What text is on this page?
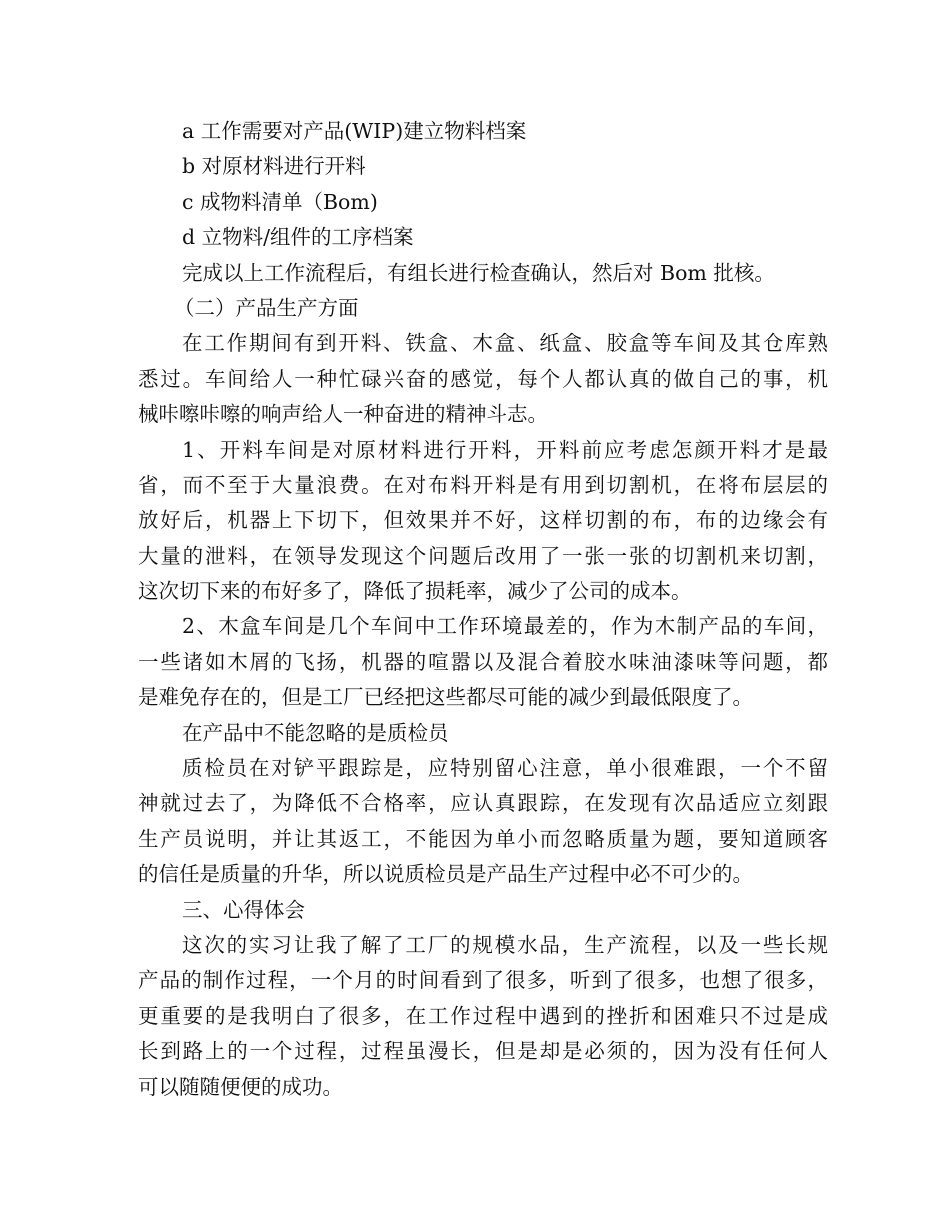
a 工作需要对产品(WIP)建立物料档案
b 对原材料进行开料
c 成物料清单（Bom)
d 立物料/组件的工序档案
完成以上工作流程后，有组长进行检查确认，然后对 Bom 批核。
（二）产品生产方面
在工作期间有到开料、铁盒、木盒、纸盒、胶盒等车间及其仓库熟
悉过。车间给人一种忙碌兴奋的感觉，每个人都认真的做自己的事，机
械咔嚓咔嚓的响声给人一种奋进的精神斗志。
1、开料车间是对原材料进行开料，开料前应考虑怎颜开料才是最
省，而不至于大量浪费。在对布料开料是有用到切割机，在将布层层的
放好后，机器上下切下，但效果并不好，这样切割的布，布的边缘会有
大量的泄料，在领导发现这个问题后改用了一张一张的切割机来切割，
这次切下来的布好多了，降低了损耗率，减少了公司的成本。
2、木盒车间是几个车间中工作环境最差的，作为木制产品的车间，
一些诸如木屑的飞扬，机器的喧嚣以及混合着胶水味油漆味等问题，都
是难免存在的，但是工厂已经把这些都尽可能的减少到最低限度了。
在产品中不能忽略的是质检员
质检员在对铲平跟踪是，应特别留心注意，单小很难跟，一个不留
神就过去了，为降低不合格率，应认真跟踪，在发现有次品适应立刻跟
生产员说明，并让其返工，不能因为单小而忽略质量为题，要知道顾客
的信任是质量的升华，所以说质检员是产品生产过程中必不可少的。
三、心得体会
这次的实习让我了解了工厂的规模水品，生产流程，以及一些长规
产品的制作过程，一个月的时间看到了很多，听到了很多，也想了很多，
更重要的是我明白了很多，在工作过程中遇到的挫折和困难只不过是成
长到路上的一个过程，过程虽漫长，但是却是必须的，因为没有任何人
可以随随便便的成功。
